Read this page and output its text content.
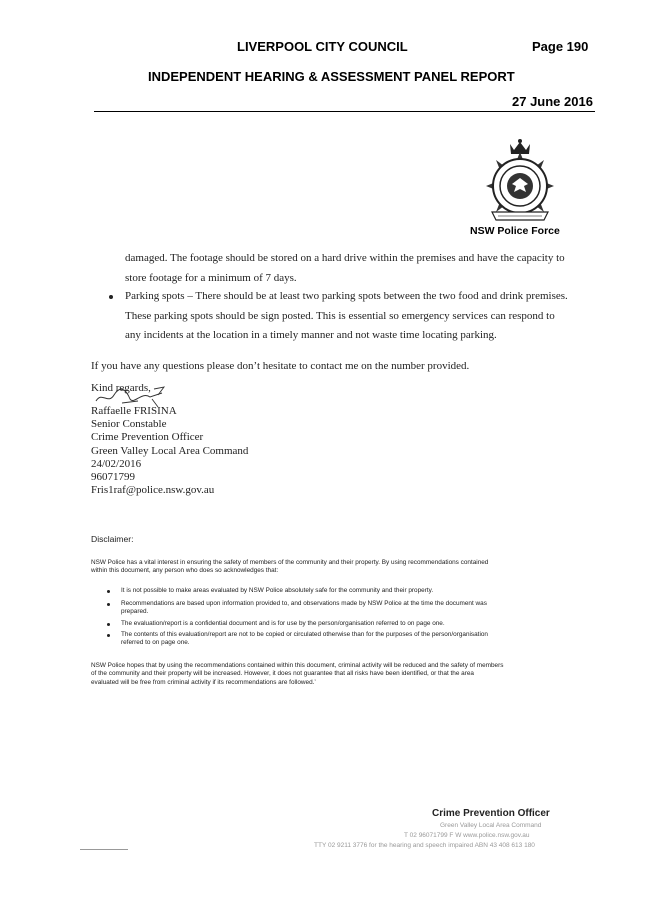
LIVERPOOL CITY COUNCIL	Page 190
INDEPENDENT HEARING & ASSESSMENT PANEL REPORT
27 June 2016
NSW Police Force
damaged. The footage should be stored on a hard drive within the premises and have the capacity to
store footage for a minimum of 7 days.
Parking spots – There should be at least two parking spots between the two food and drink premises.
These parking spots should be sign posted. This is essential so emergency services can respond to
any incidents at the location in a timely manner and not waste time locating parking.
If you have any questions please don’t hesitate to contact me on the number provided.
Kind regards,
Raffaelle FRISINA
Senior Constable
Crime Prevention Officer
Green Valley Local Area Command
24/02/2016
96071799
Fris1raf@police.nsw.gov.au
Disclaimer:
NSW Police has a vital interest in ensuring the safety of members of the community and their property. By using recommendations contained
within this document, any person who does so acknowledges that:
It is not possible to make areas evaluated by NSW Police absolutely safe for the community and their property.
Recommendations are based upon information provided to, and observations made by NSW Police at the time the document was
prepared.
The evaluation/report is a confidential document and is for use by the person/organisation referred to on page one.
The contents of this evaluation/report are not to be copied or circulated otherwise than for the purposes of the person/organisation
referred to on page one.
NSW Police hopes that by using the recommendations contained within this document, criminal activity will be reduced and the safety of members
of the community and their property will be increased. However, it does not guarantee that all risks have been identified, or that the area
evaluated will be free from criminal activity if its recommendations are followed.’
Crime Prevention Officer
Green Valley Local Area Command
T 02 96071799 F W www.police.nsw.gov.au
TTY 02 9211 3776 for the hearing and speech impaired ABN 43 408 613 180
